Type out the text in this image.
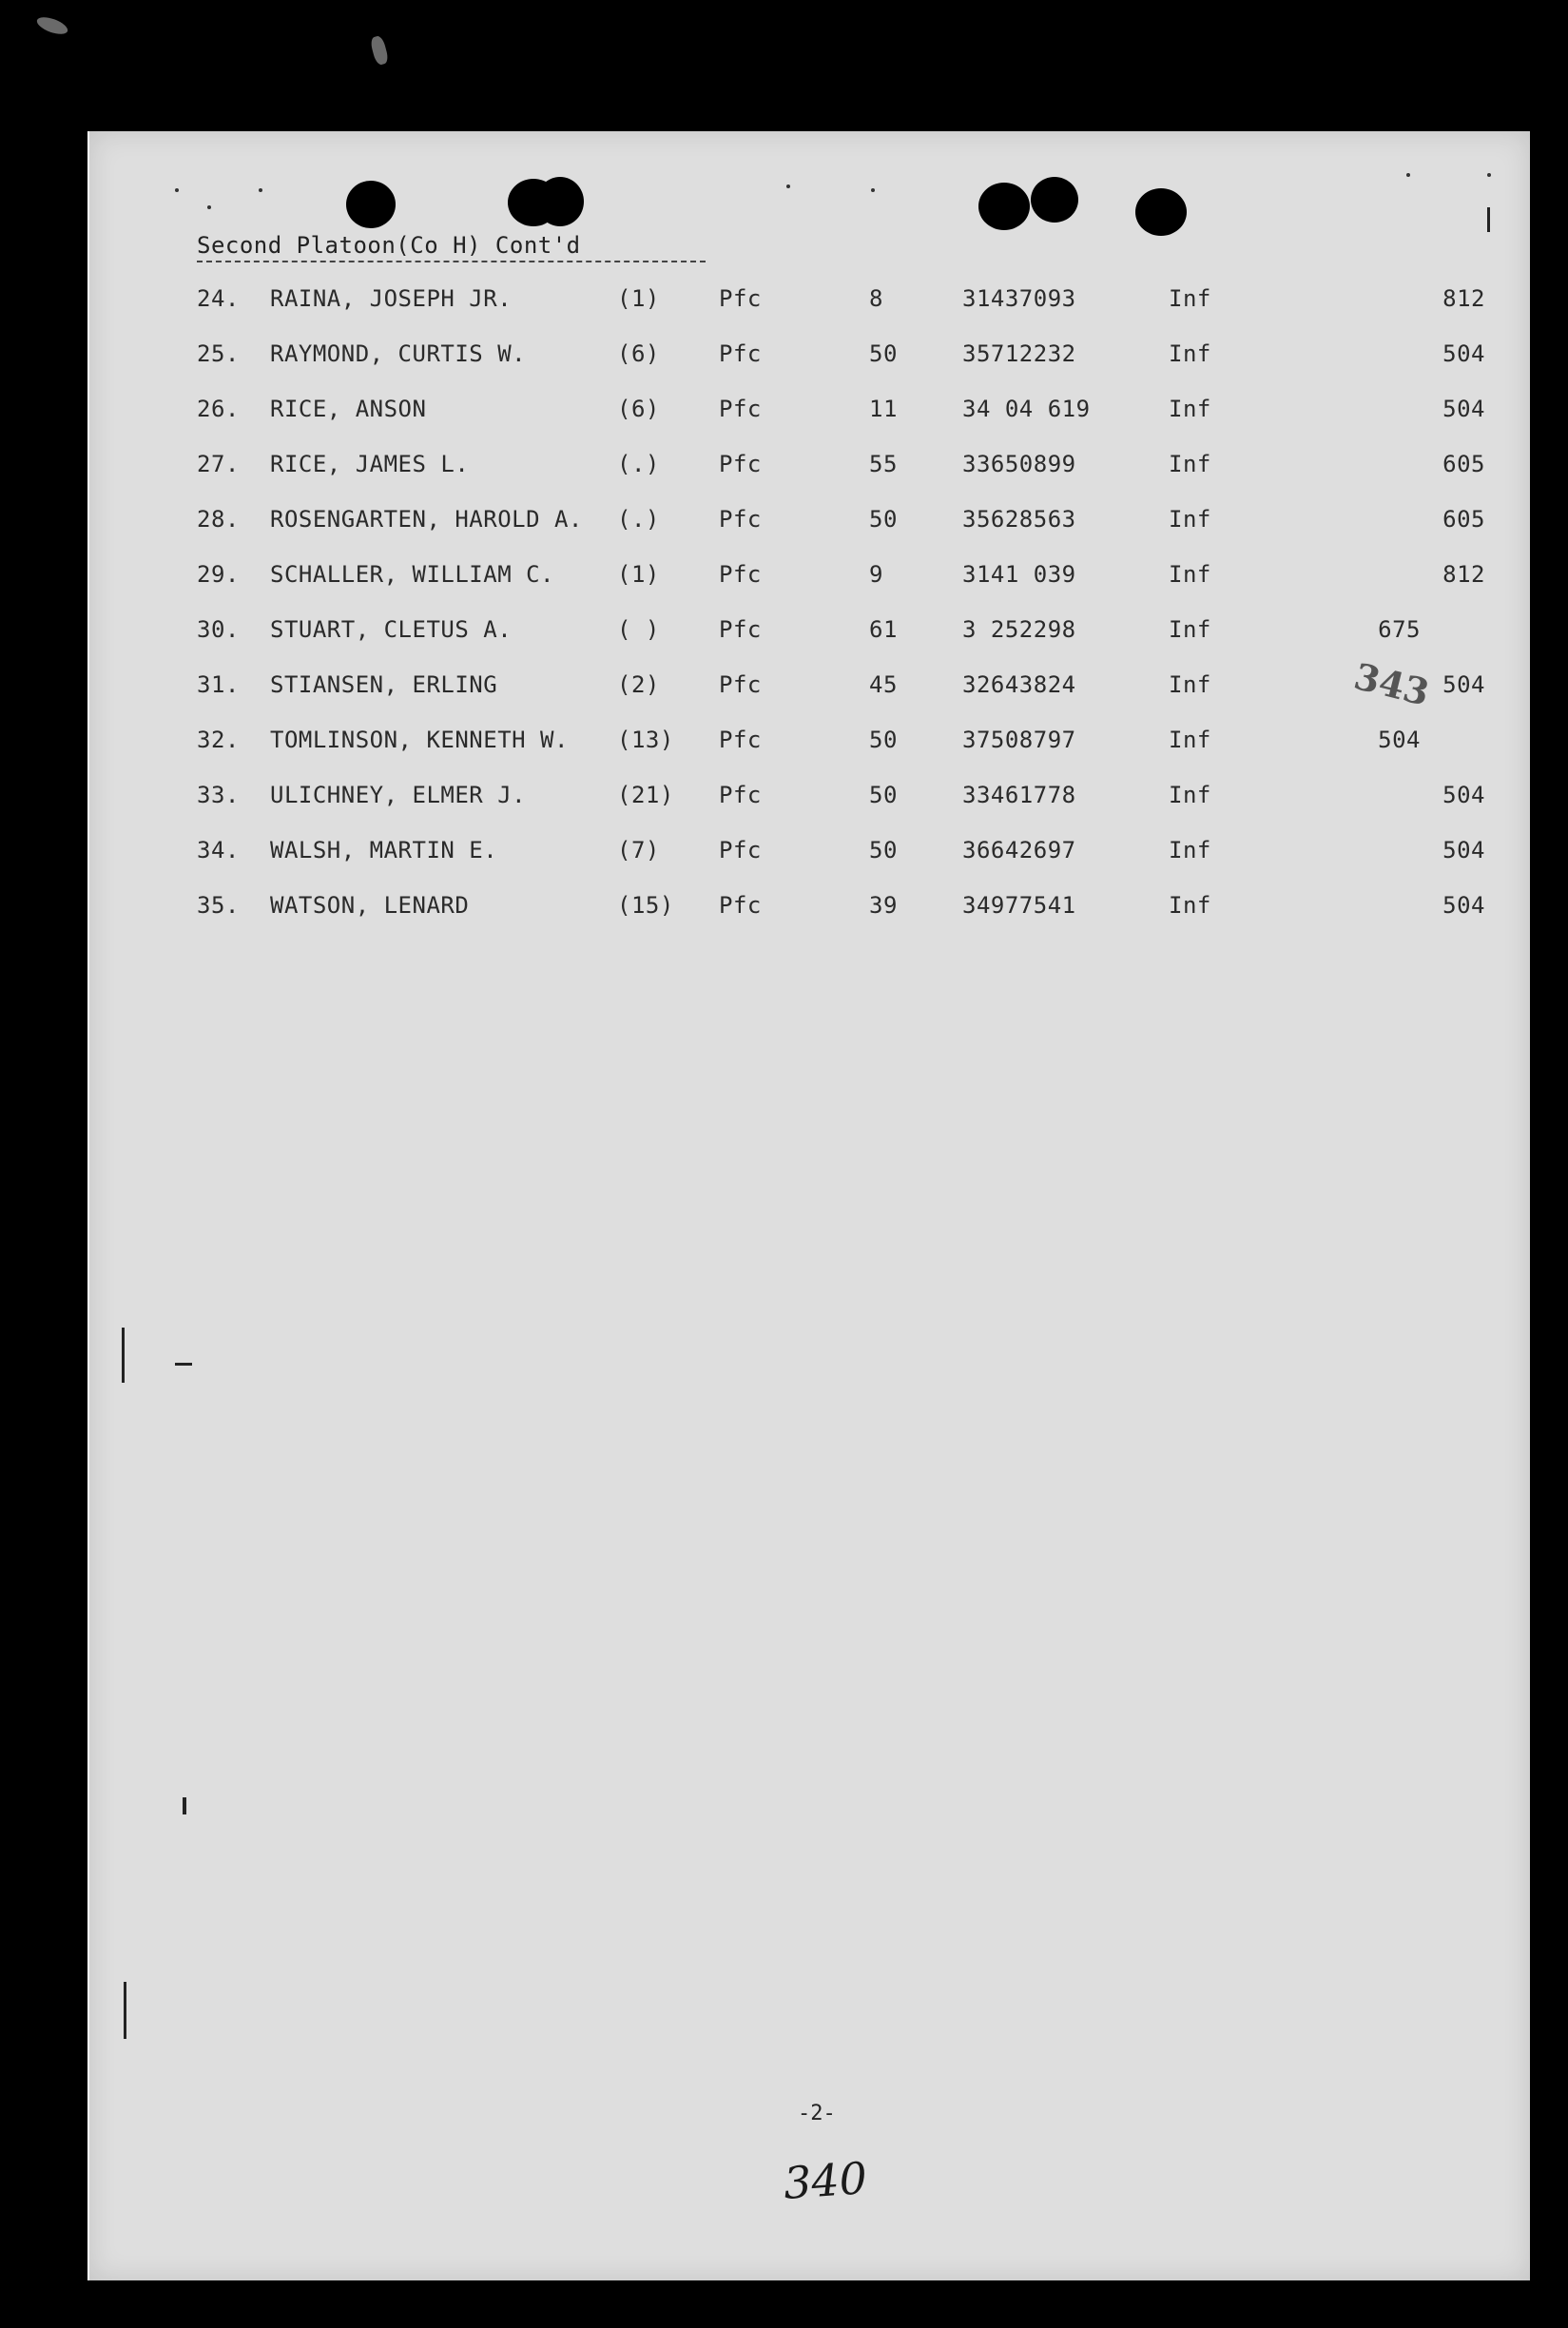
Second Platoon(Co H) Cont'd
24. RAINA, JOSEPH JR.	(1)	Pfc	8	31437093	Inf	812
25. RAYMOND, CURTIS W.	(6)	Pfc	50	35712232	Inf	504
26. RICE, ANSON	(6)	Pfc	11	34 04 619	Inf	504
27. RICE, JAMES L.	(.)	Pfc	55	33650899	Inf	605
28. ROSENGARTEN, HAROLD A. (.)	Pfc	50	35628563	Inf	605
29. SCHALLER, WILLIAM C.	(1)	Pfc	9	3141 039	Inf	812
30. STUART, CLETUS A.	( )	Pfc	61	3 252298	Inf	675
31. STIANSEN, ERLING	(2)	Pfc	45	32643824	Inf	504
32. TOMLINSON, KENNETH W. (13) Pfc	50	37508797	Inf	504
33. ULICHNEY, ELMER J.	(21) Pfc	50	33461778	Inf	504
34. WALSH, MARTIN E.	(7)	Pfc	50	36642697	Inf	504
35. WATSON, LENARD	(15) Pfc	39	34977541	Inf	504
343
-2-
340
